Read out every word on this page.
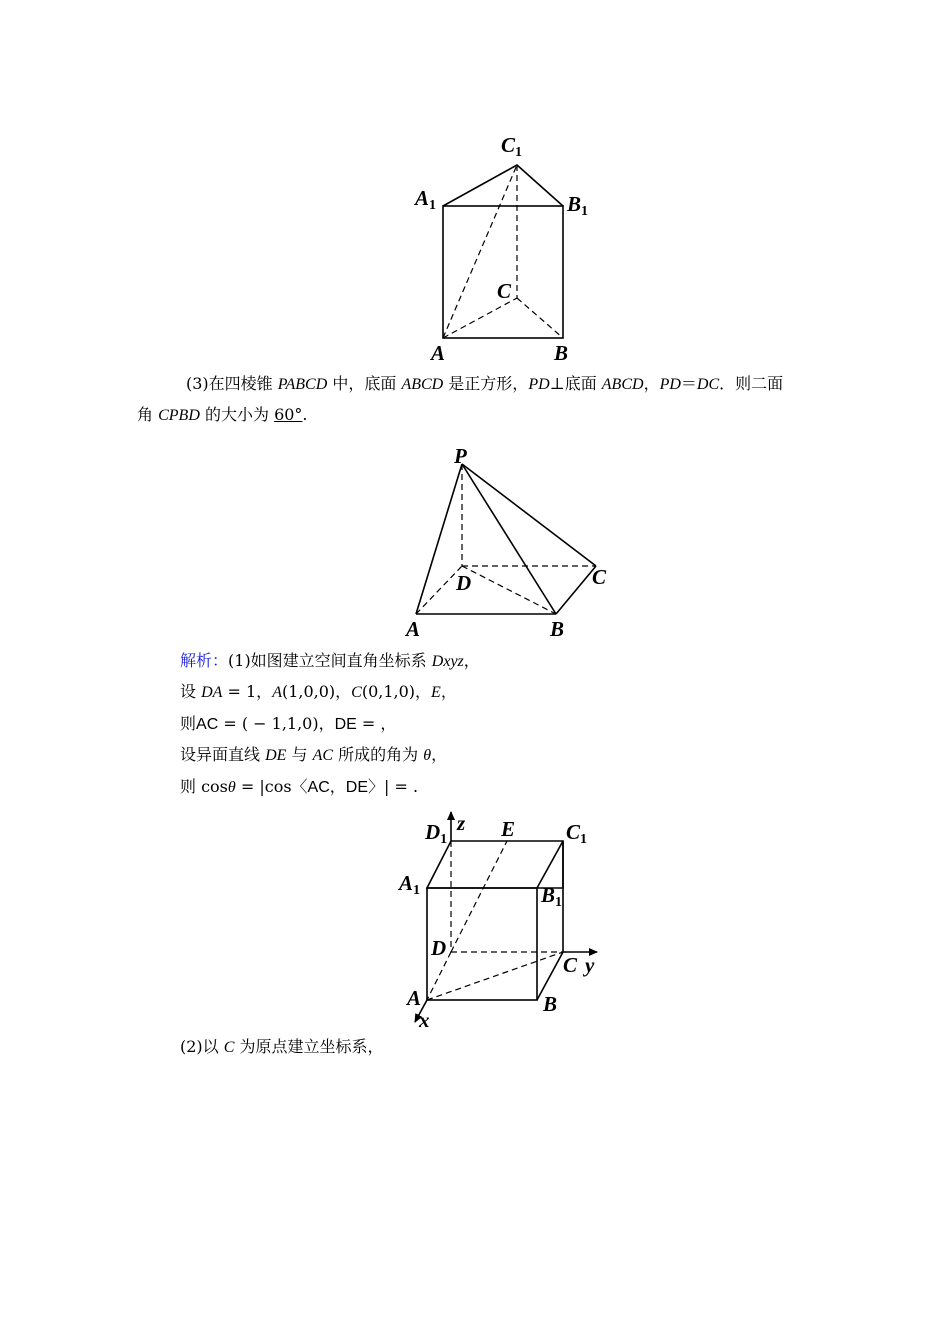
C1
A1	B1
C
A	B
(3)在四棱锥 PABCD 中，底面 ABCD 是正方形，PD⊥底面 ABCD，PD＝DC．则二面
角 CPBD 的大小为 60°.
P
D	C
A	B
解析：(1)如图建立空间直角坐标系 Dxyz，
设 DA = 1，A(1,0,0)，C(0,1,0)，E，
则AC = ( − 1,1,0)，DE = ，
设异面直线 DE 与 AC 所成的角为 θ，
则 cosθ = |cos〈AC，DE〉| = .
D1
z E C1
A1	B1
D
C y
A	B
x
(2)以 C 为原点建立坐标系，
